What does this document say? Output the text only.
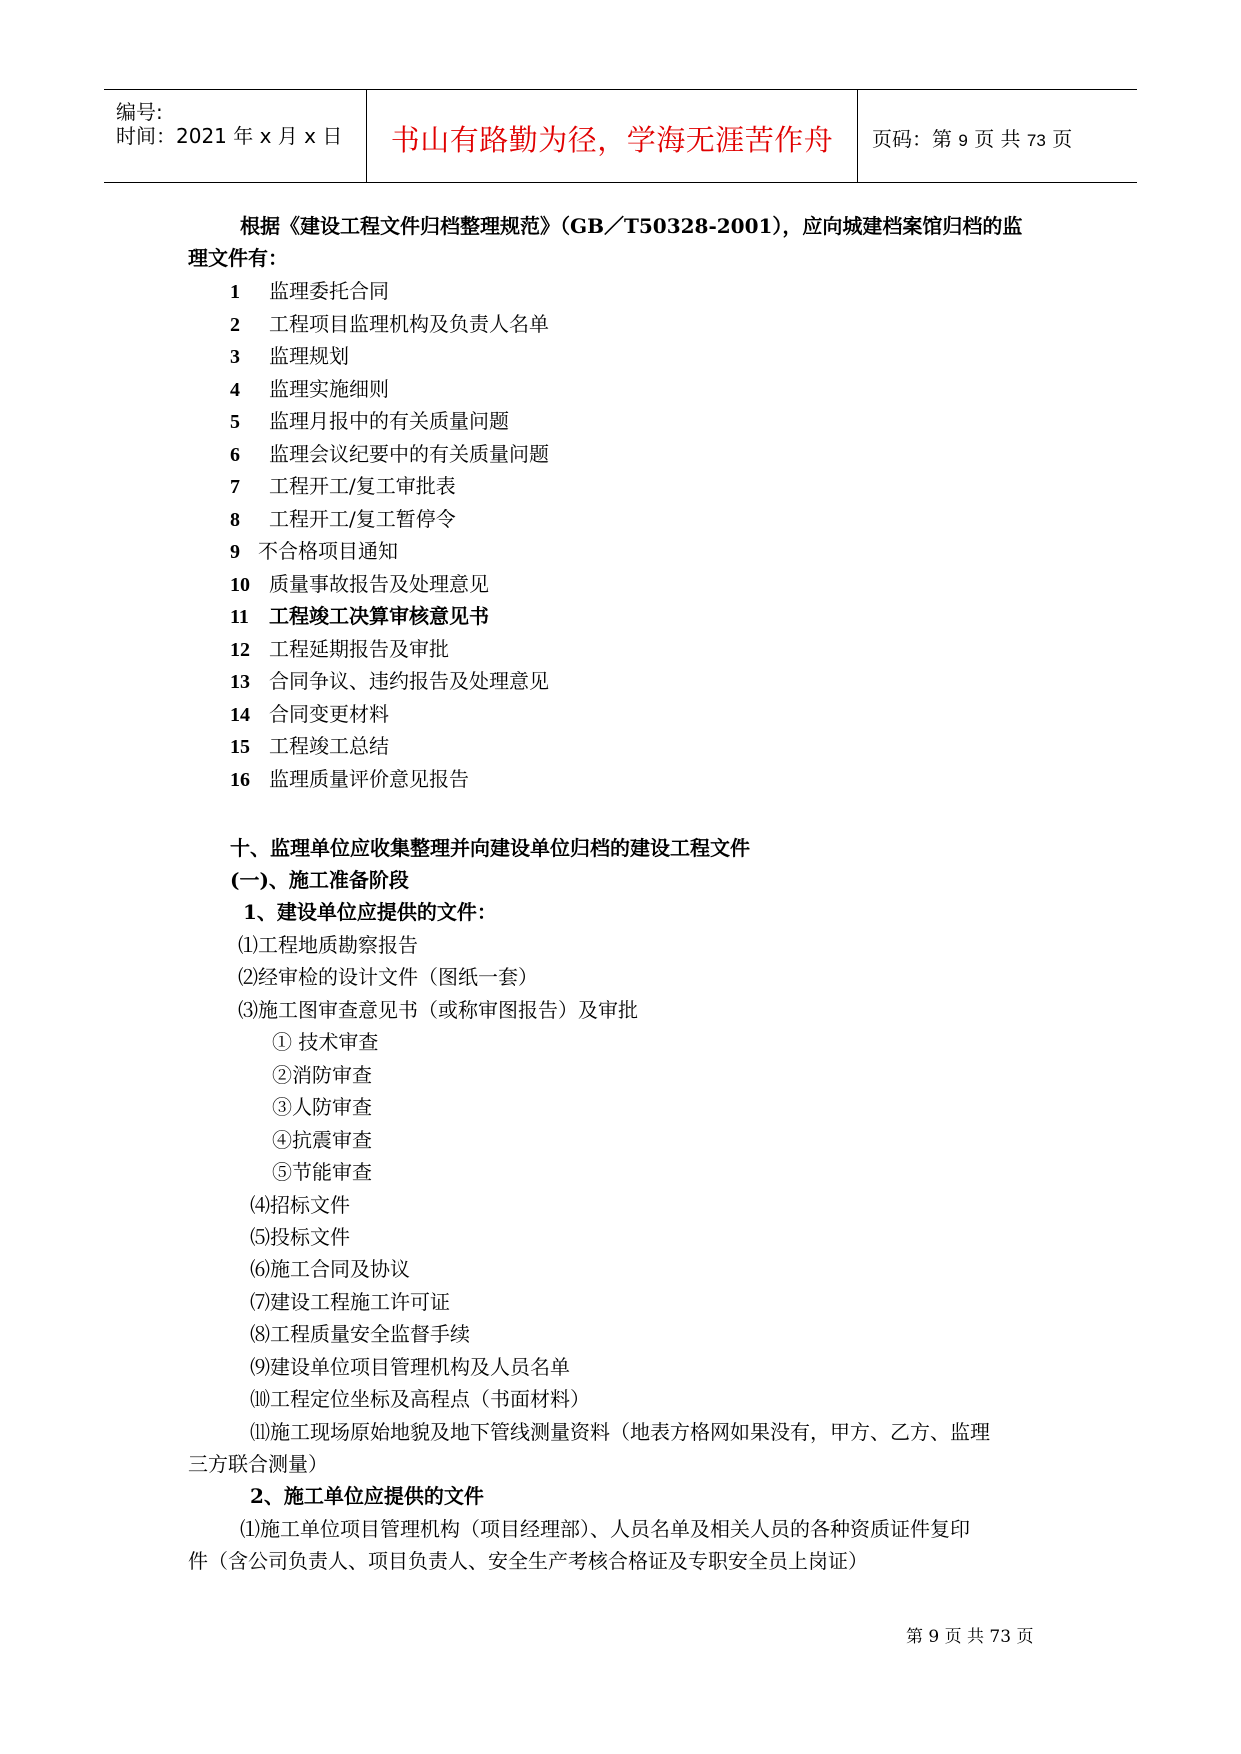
编号:
时间：2021 年 x 月 x 日	书山有路勤为径，学海无涯苦作舟	页码：第 9 页 共 73 页
根据《建设工程文件归档整理规范》（GB／T50328-2001），应向城建档案馆归档的监
理文件有：
1 监理委托合同
2 工程项目监理机构及负责人名单
3 监理规划
4 监理实施细则
5 监理月报中的有关质量问题
6 监理会议纪要中的有关质量问题
7 工程开工/复工审批表
8 工程开工/复工暂停令
9 不合格项目通知
10 质量事故报告及处理意见
11 工程竣工决算审核意见书
12 工程延期报告及审批
13 合同争议、违约报告及处理意见
14 合同变更材料
15 工程竣工总结
16 监理质量评价意见报告
十、监理单位应收集整理并向建设单位归档的建设工程文件
(一)、施工准备阶段
1、建设单位应提供的文件：
⑴工程地质勘察报告
⑵经审检的设计文件（图纸一套）
⑶施工图审查意见书（或称审图报告）及审批
① 技术审查
②消防审查
③人防审查
④抗震审查
⑤节能审查
⑷招标文件
⑸投标文件
⑹施工合同及协议
⑺建设工程施工许可证
⑻工程质量安全监督手续
⑼建设单位项目管理机构及人员名单
⑽工程定位坐标及高程点（书面材料）
⑾施工现场原始地貌及地下管线测量资料（地表方格网如果没有，甲方、乙方、监理
三方联合测量）
2、施工单位应提供的文件
⑴施工单位项目管理机构（项目经理部）、人员名单及相关人员的各种资质证件复印
件（含公司负责人、项目负责人、安全生产考核合格证及专职安全员上岗证）
第 9 页 共 73 页
